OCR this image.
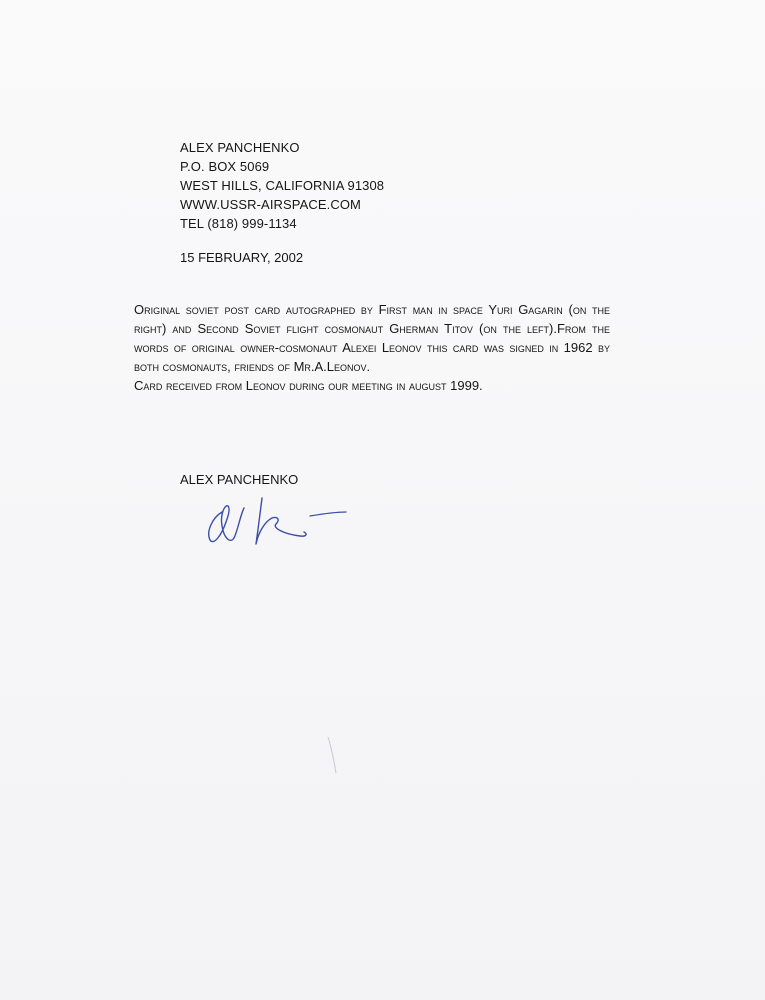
ALEX PANCHENKO
P.O. BOX 5069
WEST HILLS, CALIFORNIA 91308
WWW.USSR-AIRSPACE.COM
TEL (818) 999-1134
15 FEBRUARY, 2002

Original soviet post card autographed by First man in space Yuri Gagarin (on the right) and Second Soviet flight cosmonaut Gherman Titov (on the left).From the words of original owner-cosmonaut Alexei Leonov this card was signed in 1962 by both cosmonauts, friends of Mr.A.Leonov.

Card received from Leonov during our meeting in august 1999.

ALEX PANCHENKO
